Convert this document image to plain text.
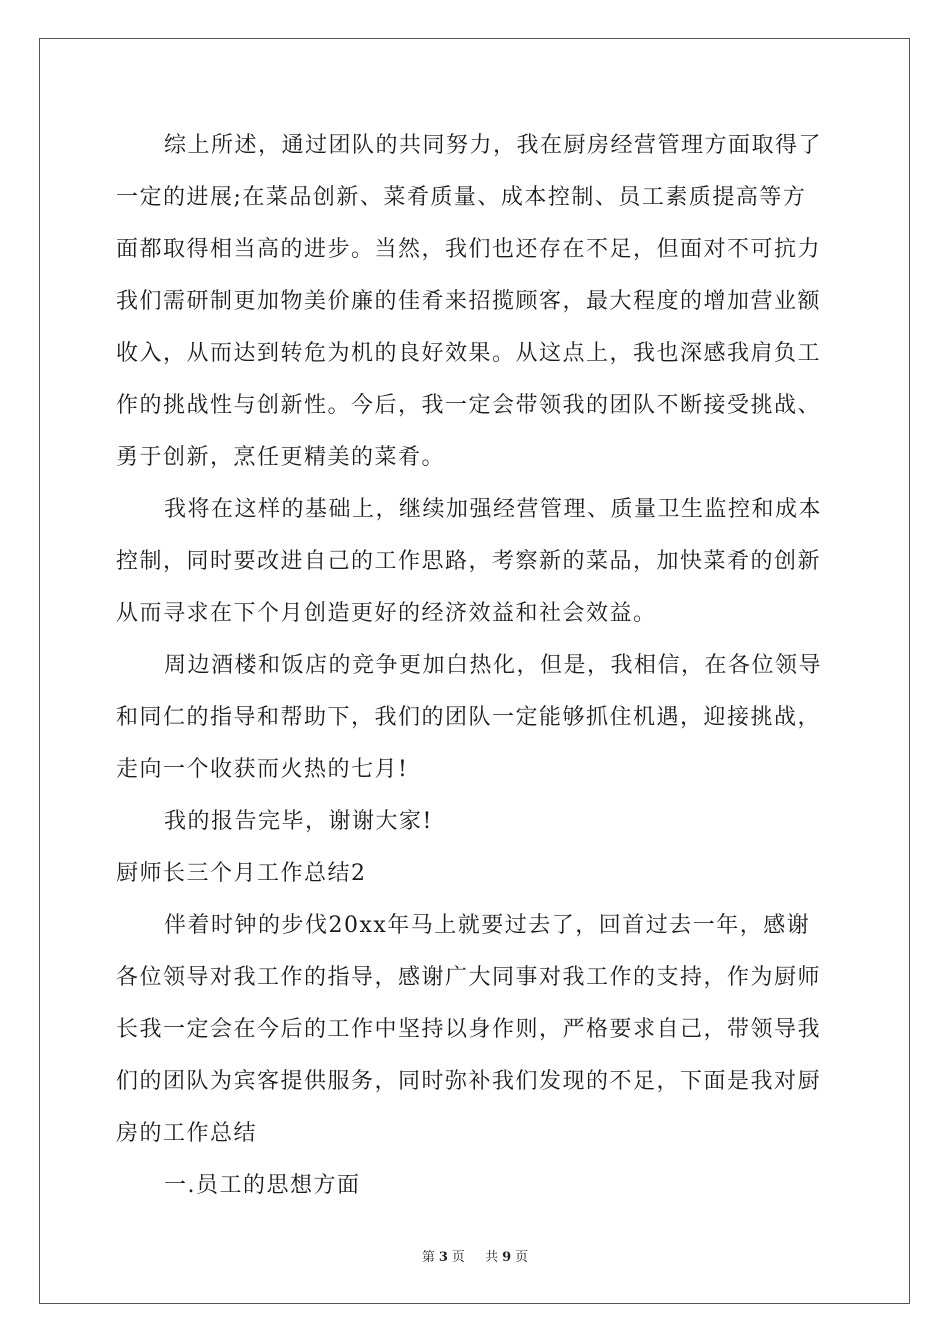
综上所述，通过团队的共同努力，我在厨房经营管理方面取得了
一定的进展;在菜品创新、菜肴质量、成本控制、员工素质提高等方
面都取得相当高的进步。当然，我们也还存在不足，但面对不可抗力
我们需研制更加物美价廉的佳肴来招揽顾客，最大程度的增加营业额
收入，从而达到转危为机的良好效果。从这点上，我也深感我肩负工
作的挑战性与创新性。今后，我一定会带领我的团队不断接受挑战、
勇于创新，烹任更精美的菜肴。
我将在这样的基础上，继续加强经营管理、质量卫生监控和成本
控制，同时要改进自己的工作思路，考察新的菜品，加快菜肴的创新
从而寻求在下个月创造更好的经济效益和社会效益。
周边酒楼和饭店的竞争更加白热化，但是，我相信，在各位领导
和同仁的指导和帮助下，我们的团队一定能够抓住机遇，迎接挑战，
走向一个收获而火热的七月!
我的报告完毕，谢谢大家!
厨师长三个月工作总结2
伴着时钟的步伐20xx年马上就要过去了，回首过去一年，感谢
各位领导对我工作的指导，感谢广大同事对我工作的支持，作为厨师
长我一定会在今后的工作中坚持以身作则，严格要求自己，带领导我
们的团队为宾客提供服务，同时弥补我们发现的不足，下面是我对厨
房的工作总结
一.员工的思想方面
第 3 页 共 9 页
